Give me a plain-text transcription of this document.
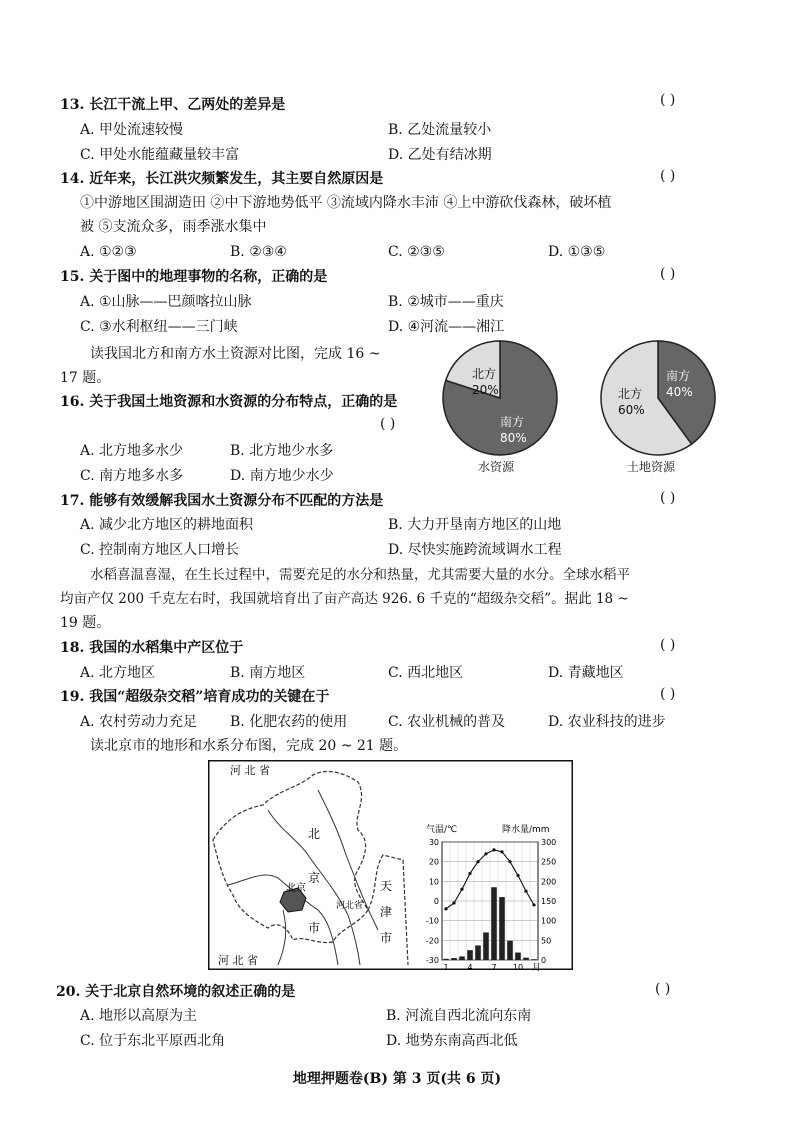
13. 长江干流上甲、乙两处的差异是	( )
A. 甲处流速较慢	B. 乙处流量较小
C. 甲处水能蕴藏量较丰富	D. 乙处有结冰期
14. 近年来，长江洪灾频繁发生，其主要自然原因是	( )
①中游地区围湖造田 ②中下游地势低平 ③流域内降水丰沛 ④上中游砍伐森林，破坏植
被 ⑤支流众多，雨季涨水集中
A. ①②③	B. ②③④	C. ②③⑤	D. ①③⑤
15. 关于图中的地理事物的名称，正确的是	( )
A. ①山脉——巴颜喀拉山脉	B. ②城市——重庆
C. ③水利枢纽——三门峡	D. ④河流——湘江
读我国北方和南方水土资源对比图，完成 16 ~
17 题。
16. 关于我国土地资源和水资源的分布特点，正确的是
( )
A. 北方地多水少	B. 北方地少水多
C. 南方地多水多	D. 南方地少水少
北方
20%
南方
80%
水资源
南方
40%
北方
60%
土地资源
17. 能够有效缓解我国水土资源分布不匹配的方法是	( )
A. 减少北方地区的耕地面积	B. 大力开垦南方地区的山地
C. 控制南方地区人口增长	D. 尽快实施跨流域调水工程
水稻喜温喜湿，在生长过程中，需要充足的水分和热量，尤其需要大量的水分。全球水稻平
均亩产仅 200 千克左右时，我国就培育出了亩产高达 926. 6 千克的“超级杂交稻”。据此 18 ~
19 题。
18. 我国的水稻集中产区位于	( )
A. 北方地区	B. 南方地区	C. 西北地区	D. 青藏地区
19. 我国“超级杂交稻”培育成功的关键在于	( )
A. 农村劳动力充足 B. 化肥农药的使用	C. 农业机械的普及	D. 农业科技的进步
读北京市的地形和水系分布图，完成 20 ~ 21 题。
北京
河北省
河 北 省
河 北 省
北
京
市
天
津
市
气温/℃	降水量/mm
30
20
10
0
-10
-20
-30
300
250
200
150
100
50
0
1 4 7 10 月
20. 关于北京自然环境的叙述正确的是	( )
A. 地形以高原为主	B. 河流自西北流向东南
C. 位于东北平原西北角	D. 地势东南高西北低
地理押题卷(B) 第 3 页(共 6 页)
